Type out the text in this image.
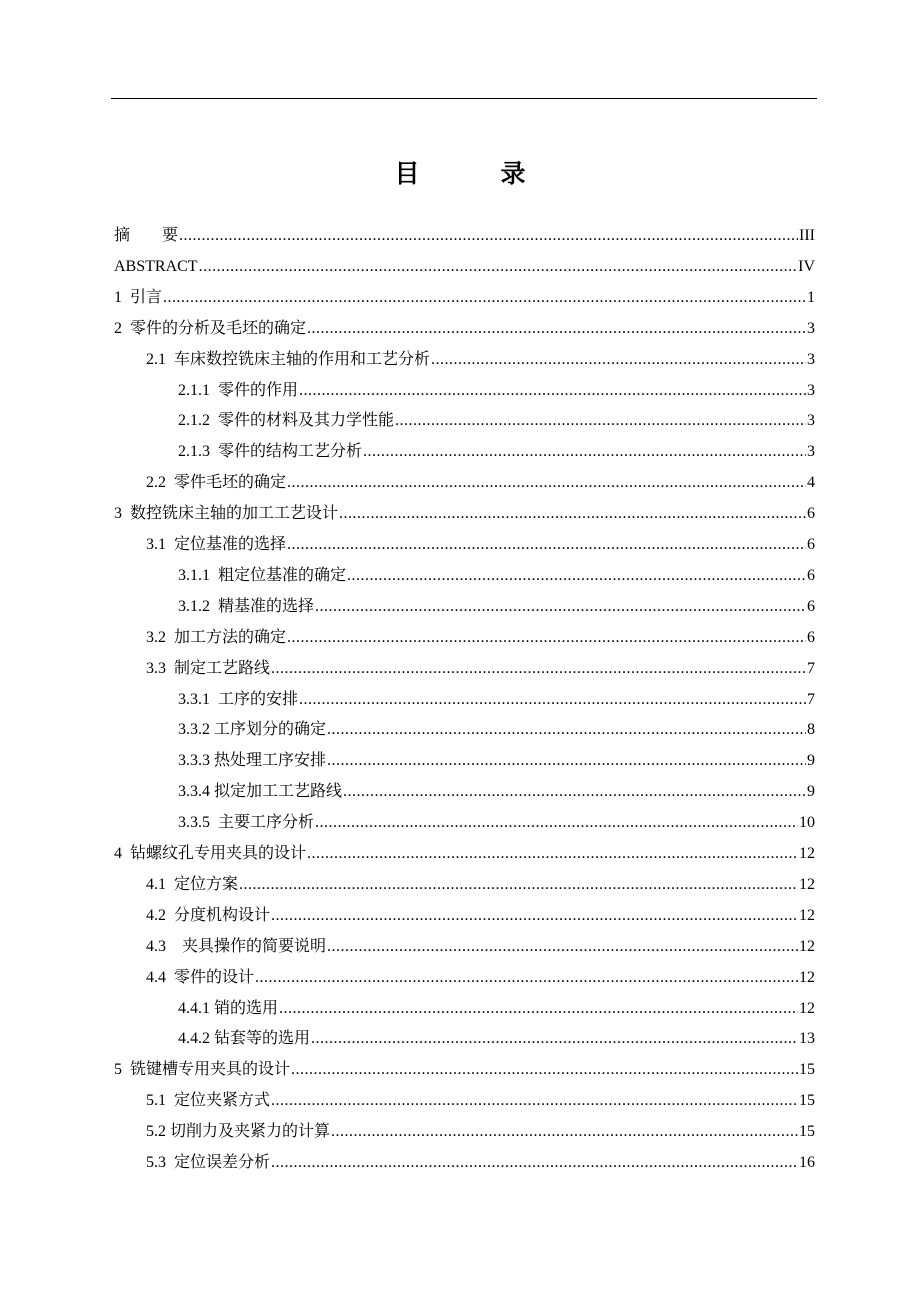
目　录
摘　　要 .....	III
ABSTRACT .....	IV
1  引言 .....	1
2  零件的分析及毛坯的确定 .....	3
2.1  车床数控铣床主轴的作用和工艺分析 .....	3
2.1.1  零件的作用 .....	3
2.1.2  零件的材料及其力学性能 .....	3
2.1.3  零件的结构工艺分析 .....	3
2.2  零件毛坯的确定 .....	4
3  数控铣床主轴的加工工艺设计 .....	6
3.1  定位基准的选择 .....	6
3.1.1  粗定位基准的确定 .....	6
3.1.2  精基准的选择 .....	6
3.2  加工方法的确定 .....	6
3.3  制定工艺路线 .....	7
3.3.1  工序的安排 .....	7
3.3.2 工序划分的确定 .....	8
3.3.3 热处理工序安排 .....	9
3.3.4 拟定加工工艺路线 .....	9
3.3.5  主要工序分析 .....	10
4  钻螺纹孔专用夹具的设计 .....	12
4.1  定位方案 .....	12
4.2  分度机构设计 .....	12
4.3    夹具操作的简要说明 .....	12
4.4  零件的设计 .....	12
4.4.1 销的选用 .....	12
4.4.2 钻套等的选用 .....	13
5  铣键槽专用夹具的设计 .....	15
5.1  定位夹紧方式 .....	15
5.2 切削力及夹紧力的计算 .....	15
5.3  定位误差分析 .....	16
